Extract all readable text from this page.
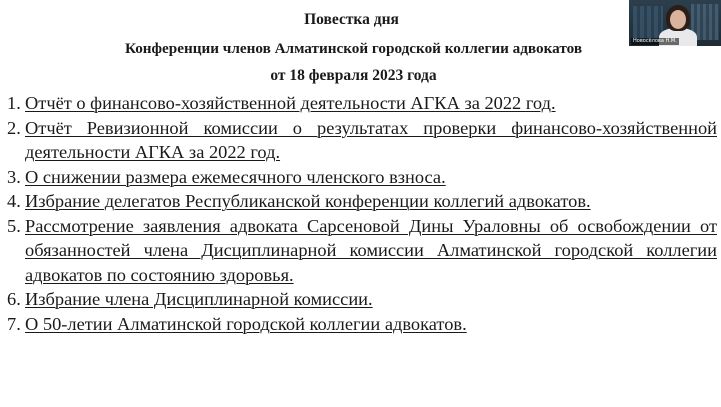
Повестка дня
Конференции членов Алматинской городской коллегии адвокатов
от 18 февраля 2023 года
1. Отчёт о финансово-хозяйственной деятельности АГКА за 2022 год.
2. Отчёт Ревизионной комиссии о результатах проверки финансово-хозяйственной деятельности АГКА за 2022 год.
3. О снижении размера ежемесячного членского взноса.
4. Избрание делегатов Республиканской конференции коллегий адвокатов.
5. Рассмотрение заявления адвоката Сарсеновой Дины Ураловны об освобождении от обязанностей члена Дисциплинарной комиссии Алматинской городской коллегии адвокатов по состоянию здоровья.
6. Избрание члена Дисциплинарной комиссии.
7. О 50-летии Алматинской городской коллегии адвокатов.
Новосёлова Н.М.
